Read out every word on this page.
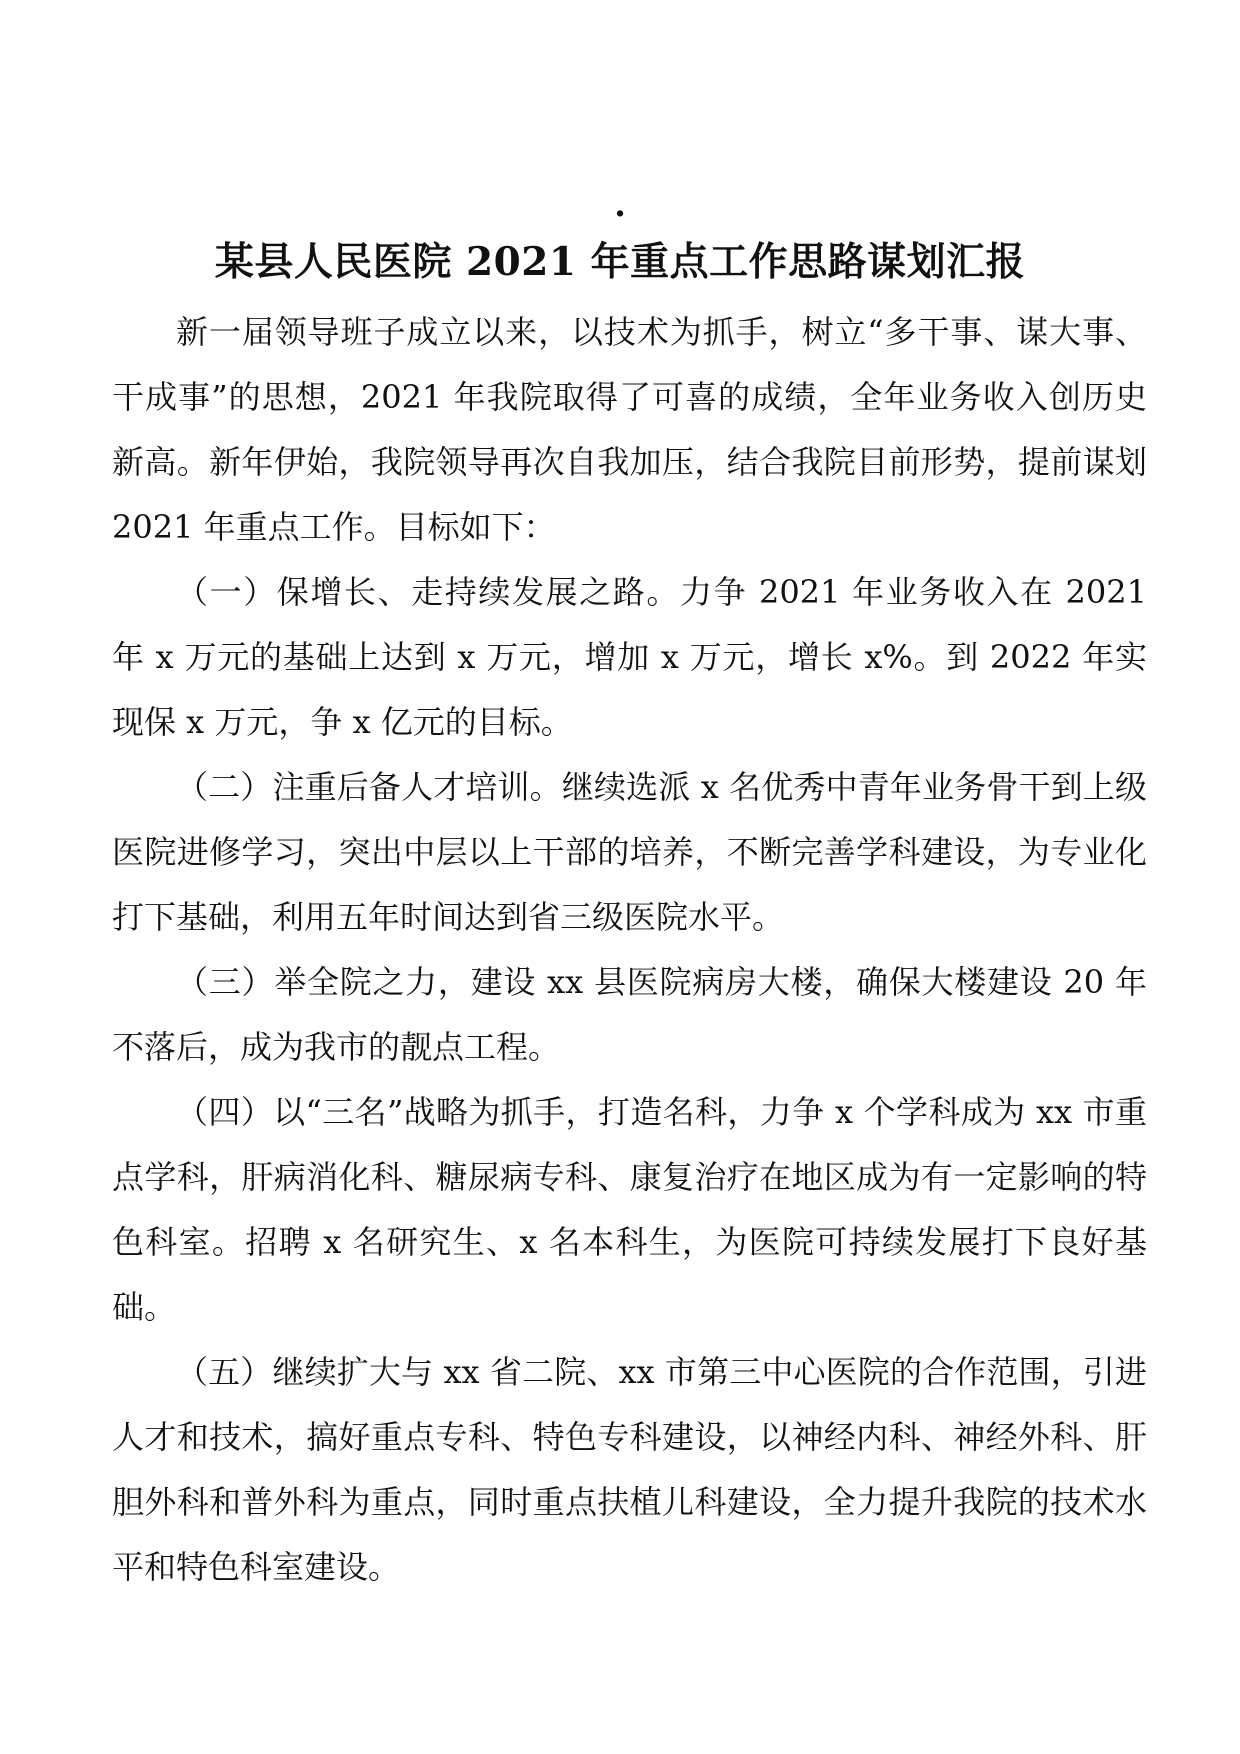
.
某县人民医院 2021 年重点工作思路谋划汇报

新一届领导班子成立以来，以技术为抓手，树立“多干事、谋大事、干成事”的思想，2021 年我院取得了可喜的成绩，全年业务收入创历史新高。新年伊始，我院领导再次自我加压，结合我院目前形势，提前谋划 2021 年重点工作。目标如下：

（一）保增长、走持续发展之路。力争 2021 年业务收入在 2021 年 x 万元的基础上达到 x 万元，增加 x 万元，增长 x%。到 2022 年实现保 x 万元，争 x 亿元的目标。

（二）注重后备人才培训。继续选派 x 名优秀中青年业务骨干到上级医院进修学习，突出中层以上干部的培养，不断完善学科建设，为专业化打下基础，利用五年时间达到省三级医院水平。

（三）举全院之力，建设 xx 县医院病房大楼，确保大楼建设 20 年不落后，成为我市的靓点工程。

（四）以“三名”战略为抓手，打造名科，力争 x 个学科成为 xx 市重点学科，肝病消化科、糖尿病专科、康复治疗在地区成为有一定影响的特色科室。招聘 x 名研究生、x 名本科生，为医院可持续发展打下良好基础。

（五）继续扩大与 xx 省二院、xx 市第三中心医院的合作范围，引进人才和技术，搞好重点专科、特色专科建设，以神经内科、神经外科、肝胆外科和普外科为重点，同时重点扶植儿科建设，全力提升我院的技术水平和特色科室建设。
